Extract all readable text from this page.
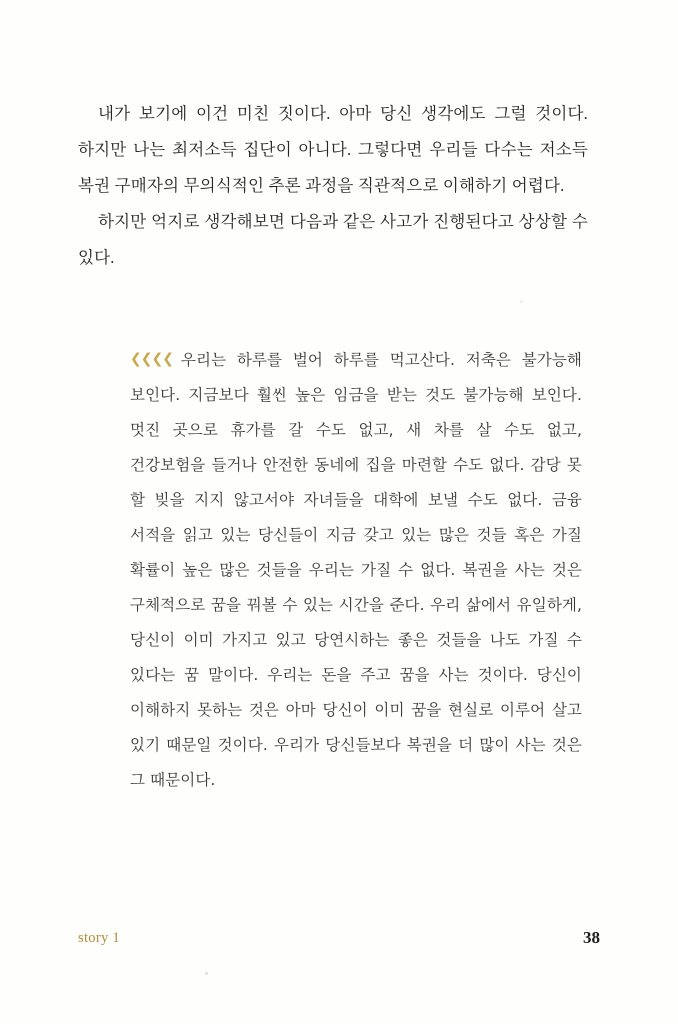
내가 보기에 이건 미친 짓이다. 아마 당신 생각에도 그럴 것이다. 하지만 나는 최저소득 집단이 아니다. 그렇다면 우리들 다수는 저소득 복권 구매자의 무의식적인 추론 과정을 직관적으로 이해하기 어렵다.

하지만 억지로 생각해보면 다음과 같은 사고가 진행된다고 상상할 수 있다.

❮❮❮❮ 우리는 하루를 벌어 하루를 먹고산다. 저축은 불가능해 보인다. 지금보다 훨씬 높은 임금을 받는 것도 불가능해 보인다. 멋진 곳으로 휴가를 갈 수도 없고, 새 차를 살 수도 없고, 건강보험을 들거나 안전한 동네에 집을 마련할 수도 없다. 감당 못 할 빚을 지지 않고서야 자녀들을 대학에 보낼 수도 없다. 금융 서적을 읽고 있는 당신들이 지금 갖고 있는 많은 것들 혹은 가질 확률이 높은 많은 것들을 우리는 가질 수 없다. 복권을 사는 것은 구체적으로 꿈을 꿔볼 수 있는 시간을 준다. 우리 삶에서 유일하게, 당신이 이미 가지고 있고 당연시하는 좋은 것들을 나도 가질 수 있다는 꿈 말이다. 우리는 돈을 주고 꿈을 사는 것이다. 당신이 이해하지 못하는 것은 아마 당신이 이미 꿈을 현실로 이루어 살고 있기 때문일 것이다. 우리가 당신들보다 복권을 더 많이 사는 것은 그 때문이다.
story 1	38
